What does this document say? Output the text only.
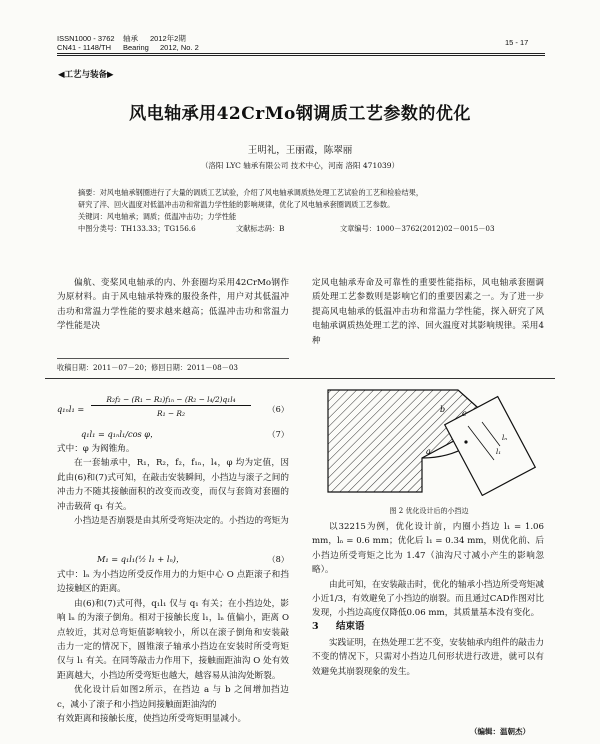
ISSN1000 - 3762
CN41 - 1148/TH
轴承
Bearing
2012年2期
2012, No. 2
15 - 17
◀工艺与装备▶
风电轴承用42CrMo钢调质工艺参数的优化
王明礼，王丽霞，陈翠丽
（洛阳 LYC 轴承有限公司 技术中心，河南 洛阳 471039）
摘要：对风电轴承钢圈进行了大量的调质工艺试验，介绍了风电轴承调质热处理工艺试验的工艺和检验结果，
研究了淬、回火温度对低温冲击功和常温力学性能的影响规律，优化了风电轴承套圈调质工艺参数。
关键词：风电轴承；调质；低温冲击功；力学性能
中图分类号：TH133.33；TG156.6	文献标志码：B	文章编号：1000－3762(2012)02－0015－03

偏航、变桨风电轴承的内、外套圈均采用42CrMo钢作为原材料。由于风电轴承特殊的服役条件，用户对其低温冲击功和常温力学性能的要求越来越高；低温冲击功和常温力学性能是决

定风电轴承寿命及可靠性的重要性能指标，风电轴承套圈调质处理工艺参数则是影响它们的重要因素之一。为了进一步提高风电轴承的低温冲击功和常温力学性能，探入研究了风电轴承调质热处理工艺的淬、回火温度对其影响规律。采用4种

收稿日期：2011－07－20；修回日期：2011－08－03
q₁ₙl₁ =
R₂f₂ − (R₁ − R₂)f₁ₙ − (R₂ − l₄/2)q₁l₄
R₁ − R₂	（6）
q₁l₁ = q₁ₙl₁/cos φ，	（7）

式中：φ 为阀锥角。

在一套轴承中，R₁，R₂，f₂，f₁ₙ，l₄，φ 均为定值，因此由(6)和(7)式可知，在敲击安装瞬间，小挡边与滚子之间的冲击力不随其接触面积的改变而改变，而仅与套筒对套圈的冲击载荷 q₁ 有关。

小挡边是否崩裂是由其所受弯矩决定的。小挡边的弯矩为

M₁ = q₁l₁(½ l₁ + lₙ)，	（8）

式中：lₙ 为小挡边所受反作用力的力矩中心 O 点距滚子和挡边接触区的距离。

由(6)和(7)式可得，q₁l₁ 仅与 q₁ 有关；在小挡边处，影响 lₙ 的为滚子倒角。相对于接触长度 l₁，lₙ 值偏小，距离 O 点较近，其对总弯矩值影响较小，所以在滚子倒角和安装敲击力一定的情况下，圆锥滚子轴承小挡边在安装时所受弯矩仅与 l₁ 有关。在同等敲击力作用下，接触面距油沟 O 处有效距离越大，小挡边所受弯矩也越大，越容易从油沟处断裂。

优化设计后如图2所示，在挡边 a 与 b 之间增加挡边 c，减小了滚子和小挡边间接触面距油沟的

有效距离和接触长度，使挡边所受弯矩明显减小。

b c
a	l₁
lₙ
图 2 优化设计后的小挡边

以32215为例，优化设计前，内圈小挡边 l₁ = 1.06 mm，lₙ = 0.6 mm；优化后 l₁ = 0.34 mm，则优化前、后小挡边所受弯矩之比为 1.47（油沟尺寸减小产生的影响忽略）。

由此可知，在安装敲击时，优化的轴承小挡边所受弯矩减小近1/3，有效避免了小挡边的崩裂。而且通过CAD作图对比发现，小挡边高度仅降低0.06 mm，其质量基本没有变化。

3 结束语

实践证明，在热处理工艺不变，安装轴承内组件的敲击力不变的情况下，只需对小挡边几何形状进行改进，就可以有效避免其崩裂现象的发生。

（编辑：温朝杰）
